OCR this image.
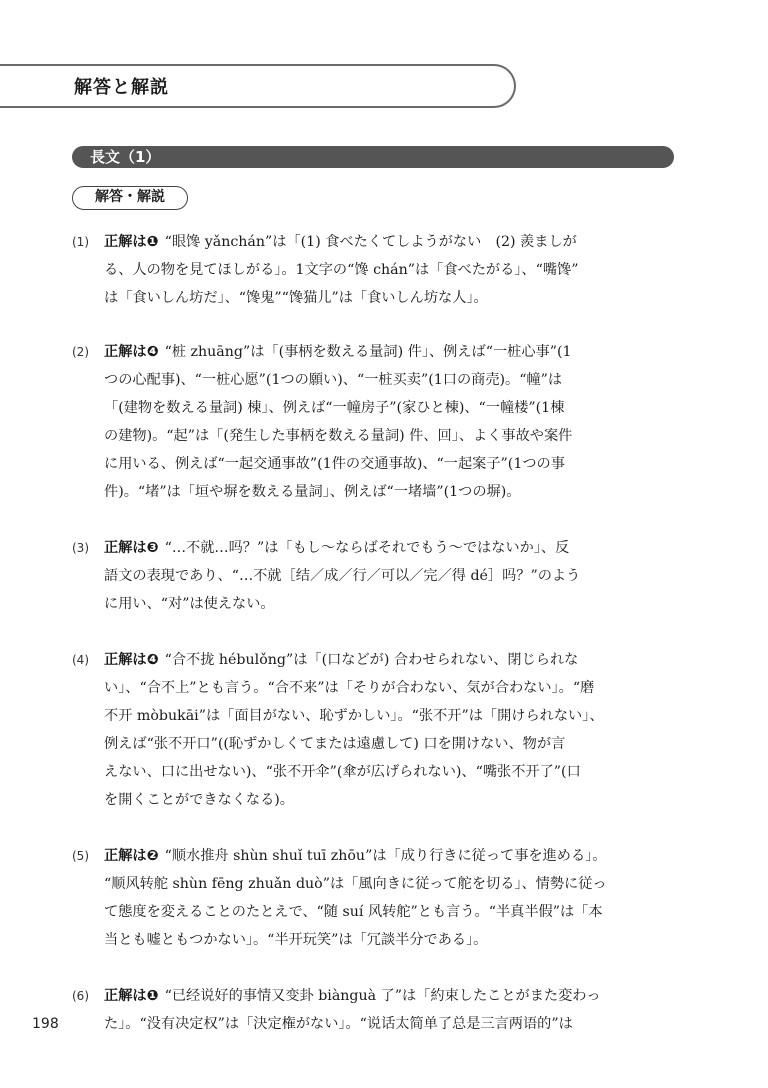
解答と解説
長文（1）
解答・解説
(1) 正解は❶ “眼馋 yǎnchán”は「(1) 食べたくてしようがない　(2) 羨ましが
る、人の物を見てほしがる」。1文字の“馋 chán”は「食べたがる」、“嘴馋”
は「食いしん坊だ」、“馋鬼”“馋猫儿”は「食いしん坊な人」。
(2) 正解は❹ “桩 zhuāng”は「(事柄を数える量詞) 件」、例えば“一桩心事”(1
つの心配事)、“一桩心愿”(1つの願い)、“一桩买卖”(1口の商売)。“幢”は
「(建物を数える量詞) 棟」、例えば“一幢房子”(家ひと棟)、“一幢楼”(1棟
の建物)。“起”は「(発生した事柄を数える量詞) 件、回」、よく事故や案件
に用いる、例えば“一起交通事故”(1件の交通事故)、“一起案子”(1つの事
件)。“堵”は「垣や塀を数える量詞」、例えば“一堵墙”(1つの塀)。
(3) 正解は❸ “…不就…吗？”は「もし～ならばそれでもう～ではないか」、反
語文の表現であり、“…不就［结／成／行／可以／完／得 dé］吗？”のよう
に用い、“对”は使えない。
(4) 正解は❹ “合不拢 hébulǒng”は「(口などが) 合わせられない、閉じられな
い」、“合不上”とも言う。“合不来”は「そりが合わない、気が合わない」。“磨
不开 mòbukāi”は「面目がない、恥ずかしい」。“张不开”は「開けられない」、
例えば“张不开口”((恥ずかしくてまたは遠慮して) 口を開けない、物が言
えない、口に出せない)、“张不开伞”(傘が広げられない)、“嘴张不开了”(口
を開くことができなくなる)。
(5) 正解は❷ “顺水推舟 shùn shuǐ tuī zhōu”は「成り行きに従って事を進める」。
“顺风转舵 shùn fēng zhuǎn duò”は「風向きに従って舵を切る」、情勢に従っ
て態度を変えることのたとえで、“随 suí 风转舵”とも言う。“半真半假”は「本
当とも嘘ともつかない」。“半开玩笑”は「冗談半分である」。
(6) 正解は❶ “已经说好的事情又变卦 biànguà 了”は「約束したことがまた変わっ
た」。“没有决定权”は「決定権がない」。“说话太简单了总是三言两语的”は
198
